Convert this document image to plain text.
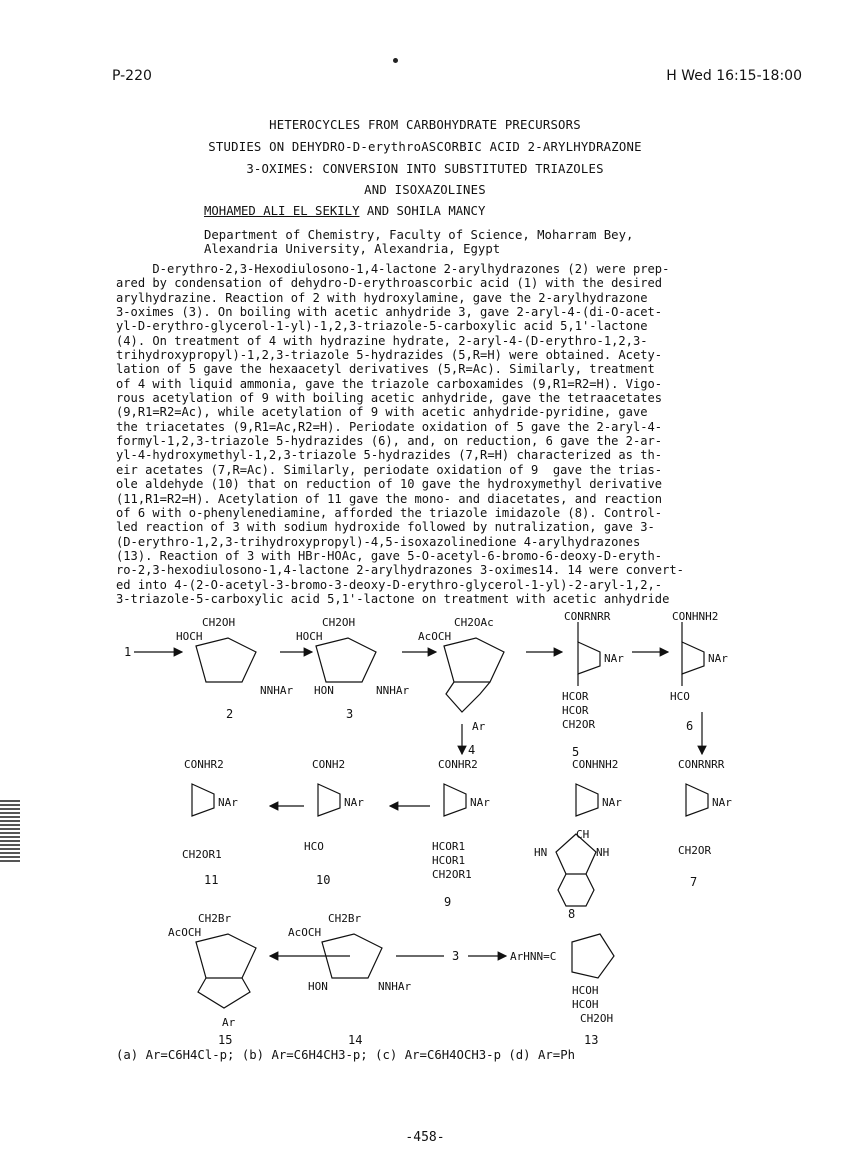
P-220	H Wed 16:15-18:00
HETEROCYCLES FROM CARBOHYDRATE PRECURSORS
STUDIES ON DEHYDRO-D-erythroASCORBIC ACID 2-ARYLHYDRAZONE
3-OXIMES: CONVERSION INTO SUBSTITUTED TRIAZOLES
AND ISOXAZOLINES
MOHAMED ALI EL SEKILY AND SOHILA MANCY
Department of Chemistry, Faculty of Science, Moharram Bey,
Alexandria University, Alexandria, Egypt
D-erythro-2,3-Hexodiulosono-1,4-lactone 2-arylhydrazones (2) were prep-
ared by condensation of dehydro-D-erythroascorbic acid (1) with the desired
arylhydrazine. Reaction of 2 with hydroxylamine, gave the 2-arylhydrazone
3-oximes (3). On boiling with acetic anhydride 3, gave 2-aryl-4-(di-O-acet-
yl-D-erythro-glycerol-1-yl)-1,2,3-triazole-5-carboxylic acid 5,1'-lactone
(4). On treatment of 4 with hydrazine hydrate, 2-aryl-4-(D-erythro-1,2,3-
trihydroxypropyl)-1,2,3-triazole 5-hydrazides (5,R=H) were obtained. Acety-
lation of 5 gave the hexaacetyl derivatives (5,R=Ac). Similarly, treatment
of 4 with liquid ammonia, gave the triazole carboxamides (9,R1=R2=H). Vigo-
rous acetylation of 9 with boiling acetic anhydride, gave the tetraacetates
(9,R1=R2=Ac), while acetylation of 9 with acetic anhydride-pyridine, gave
the triacetates (9,R1=Ac,R2=H). Periodate oxidation of 5 gave the 2-aryl-4-
formyl-1,2,3-triazole 5-hydrazides (6), and, on reduction, 6 gave the 2-ar-
yl-4-hydroxymethyl-1,2,3-triazole 5-hydrazides (7,R=H) characterized as th-
eir acetates (7,R=Ac). Similarly, periodate oxidation of 9  gave the trias-
ole aldehyde (10) that on reduction of 10 gave the hydroxymethyl derivative
(11,R1=R2=H). Acetylation of 11 gave the mono- and diacetates, and reaction
of 6 with o-phenylenediamine, afforded the triazole imidazole (8). Control-
led reaction of 3 with sodium hydroxide followed by nutralization, gave 3-
(D-erythro-1,2,3-trihydroxypropyl)-4,5-isoxazolinedione 4-arylhydrazones
(13). Reaction of 3 with HBr-HOAc, gave 5-O-acetyl-6-bromo-6-deoxy-D-eryth-
ro-2,3-hexodiulosono-1,4-lactone 2-arylhydrazones 3-oximes14. 14 were convert-
ed into 4-(2-O-acetyl-3-bromo-3-deoxy-D-erythro-glycerol-1-yl)-2-aryl-1,2,-
3-triazole-5-carboxylic acid 5,1'-lactone on treatment with acetic anhydride
1
2	3
4	5
6
7
8
9
10
11
13
14
15
3
CH2OH
HOCH
CH2OH
HOCH
CH2OAc
AcOCH
NNHAr	NNHAr
HON
Ar
CONRNRR
NAr
HCOR
HCOR
CH2OR
CONHNH2
NAr
HCO
CONHR2
NAr
CH2OR1
CONH2
NAr
HCO
CONHR2
NAr
HCOR1
HCOR1
CH2OR1
CONHNH2
NAr
HN	NH
CH
CONRNRR
NAr
CH2OR
CH2Br
AcOCH
Ar
CH2Br
AcOCH
HON	NNHAr
ArHNN=C
HCOH
HCOH
CH2OH
(a) Ar=C6H4Cl-p; (b) Ar=C6H4CH3-p; (c) Ar=C6H4OCH3-p (d) Ar=Ph
-458-
